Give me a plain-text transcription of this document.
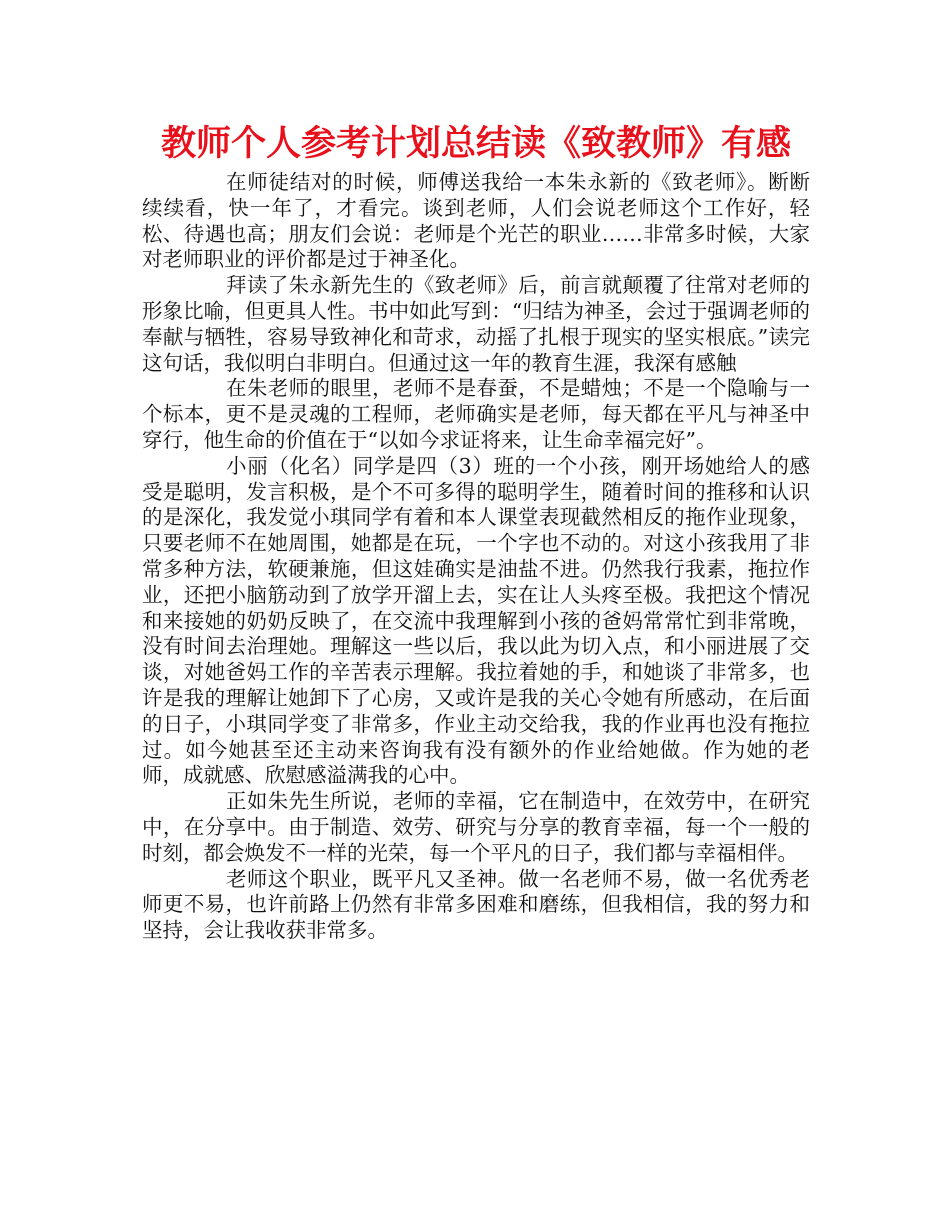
教师个人参考计划总结读《致教师》有感

在师徒结对的时候，师傅送我给一本朱永新的《致老师》。断断续续看，快一年了，才看完。谈到老师，人们会说老师这个工作好，轻松、待遇也高；朋友们会说：老师是个光芒的职业……非常多时候，大家对老师职业的评价都是过于神圣化。

拜读了朱永新先生的《致老师》后，前言就颠覆了往常对老师的形象比喻，但更具人性。书中如此写到：“归结为神圣，会过于强调老师的奉献与牺牲，容易导致神化和苛求，动摇了扎根于现实的坚实根底。”读完这句话，我似明白非明白。但通过这一年的教育生涯，我深有感触

在朱老师的眼里，老师不是春蚕，不是蜡烛；不是一个隐喻与一个标本，更不是灵魂的工程师，老师确实是老师，每天都在平凡与神圣中穿行，他生命的价值在于“以如今求证将来，让生命幸福完好”。

小丽（化名）同学是四（3）班的一个小孩，刚开场她给人的感受是聪明，发言积极，是个不可多得的聪明学生，随着时间的推移和认识的是深化，我发觉小琪同学有着和本人课堂表现截然相反的拖作业现象，只要老师不在她周围，她都是在玩，一个字也不动的。对这小孩我用了非常多种方法，软硬兼施，但这娃确实是油盐不进。仍然我行我素，拖拉作业，还把小脑筋动到了放学开溜上去，实在让人头疼至极。我把这个情况和来接她的奶奶反映了，在交流中我理解到小孩的爸妈常常忙到非常晚，没有时间去治理她。理解这一些以后，我以此为切入点，和小丽进展了交谈，对她爸妈工作的辛苦表示理解。我拉着她的手，和她谈了非常多，也许是我的理解让她卸下了心房，又或许是我的关心令她有所感动，在后面的日子，小琪同学变了非常多，作业主动交给我，我的作业再也没有拖拉过。如今她甚至还主动来咨询我有没有额外的作业给她做。作为她的老师，成就感、欣慰感溢满我的心中。

正如朱先生所说，老师的幸福，它在制造中，在效劳中，在研究中，在分享中。由于制造、效劳、研究与分享的教育幸福，每一个一般的时刻，都会焕发不一样的光荣，每一个平凡的日子，我们都与幸福相伴。

老师这个职业，既平凡又圣神。做一名老师不易，做一名优秀老师更不易，也许前路上仍然有非常多困难和磨练，但我相信，我的努力和坚持，会让我收获非常多。
